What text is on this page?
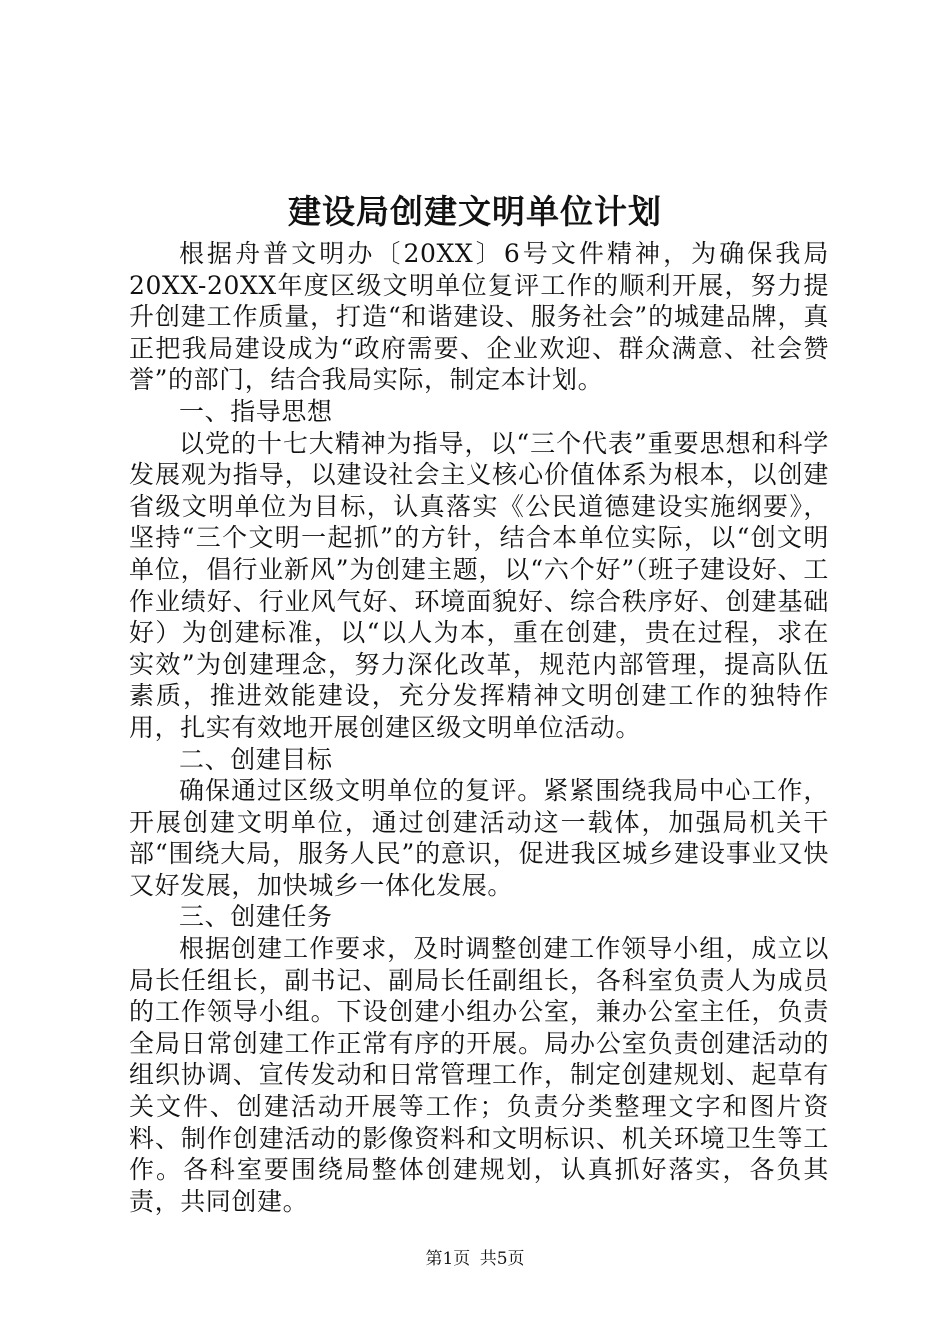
建设局创建文明单位计划

根据舟普文明办〔20XX〕6号文件精神，为确保我局20XX-20XX年度区级文明单位复评工作的顺利开展，努力提升创建工作质量，打造“和谐建设、服务社会”的城建品牌，真正把我局建设成为“政府需要、企业欢迎、群众满意、社会赞誉”的部门，结合我局实际，制定本计划。

一、指导思想

以党的十七大精神为指导，以“三个代表”重要思想和科学发展观为指导，以建设社会主义核心价值体系为根本，以创建省级文明单位为目标，认真落实《公民道德建设实施纲要》，坚持“三个文明一起抓”的方针，结合本单位实际，以“创文明单位，倡行业新风”为创建主题，以“六个好”（班子建设好、工作业绩好、行业风气好、环境面貌好、综合秩序好、创建基础好）为创建标准，以“以人为本，重在创建，贵在过程，求在实效”为创建理念，努力深化改革，规范内部管理，提高队伍素质，推进效能建设，充分发挥精神文明创建工作的独特作用，扎实有效地开展创建区级文明单位活动。

二、创建目标

确保通过区级文明单位的复评。紧紧围绕我局中心工作，开展创建文明单位，通过创建活动这一载体，加强局机关干部“围绕大局，服务人民”的意识，促进我区城乡建设事业又快又好发展，加快城乡一体化发展。

三、创建任务

根据创建工作要求，及时调整创建工作领导小组，成立以局长任组长，副书记、副局长任副组长，各科室负责人为成员的工作领导小组。下设创建小组办公室，兼办公室主任，负责全局日常创建工作正常有序的开展。局办公室负责创建活动的组织协调、宣传发动和日常管理工作，制定创建规划、起草有关文件、创建活动开展等工作；负责分类整理文字和图片资料、制作创建活动的影像资料和文明标识、机关环境卫生等工作。各科室要围绕局整体创建规划，认真抓好落实，各负其责，共同创建。

第1页 共5页
